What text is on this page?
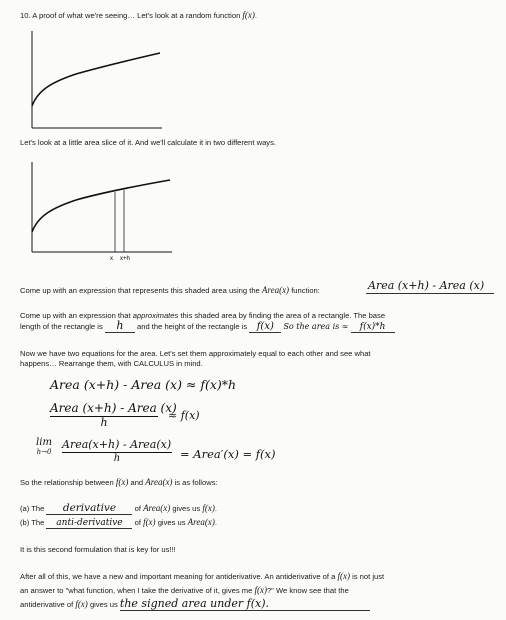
10. A proof of what we're seeing… Let's look at a random function f(x).
Let's look at a little area slice of it. And we'll calculate it in two different ways.
x x+h
Come up with an expression that represents this shaded area using the Area(x) function:	Area (x+h) - Area (x)
Come up with an expression that approximates this shaded area by finding the area of a rectangle. The base
length of the rectangle is h and the height of the rectangle is f(x) So the area is ≈ f(x)*h
Now we have two equations for the area. Let's set them approximately equal to each other and see what
happens… Rearrange them, with CALCULUS in mind.
Area (x+h) - Area (x) ≈ f(x)*h
Area (x+h) - Area (x)
h
≈ f(x)
lim
h→0
Area(x+h) - Area(x)
h	= Area′(x) = f(x)
So the relationship between f(x) and Area(x) is as follows:
(a) The derivative of Area(x) gives us f(x).
(b) The anti-derivative of f(x) gives us Area(x).
It is this second formulation that is key for us!!!
After all of this, we have a new and important meaning for antiderivative. An antiderivative of a f(x) is not just
an answer to "what function, when I take the derivative of it, gives me f(x)?" We know see that the
antiderivative of f(x) gives us the signed area under f(x).
